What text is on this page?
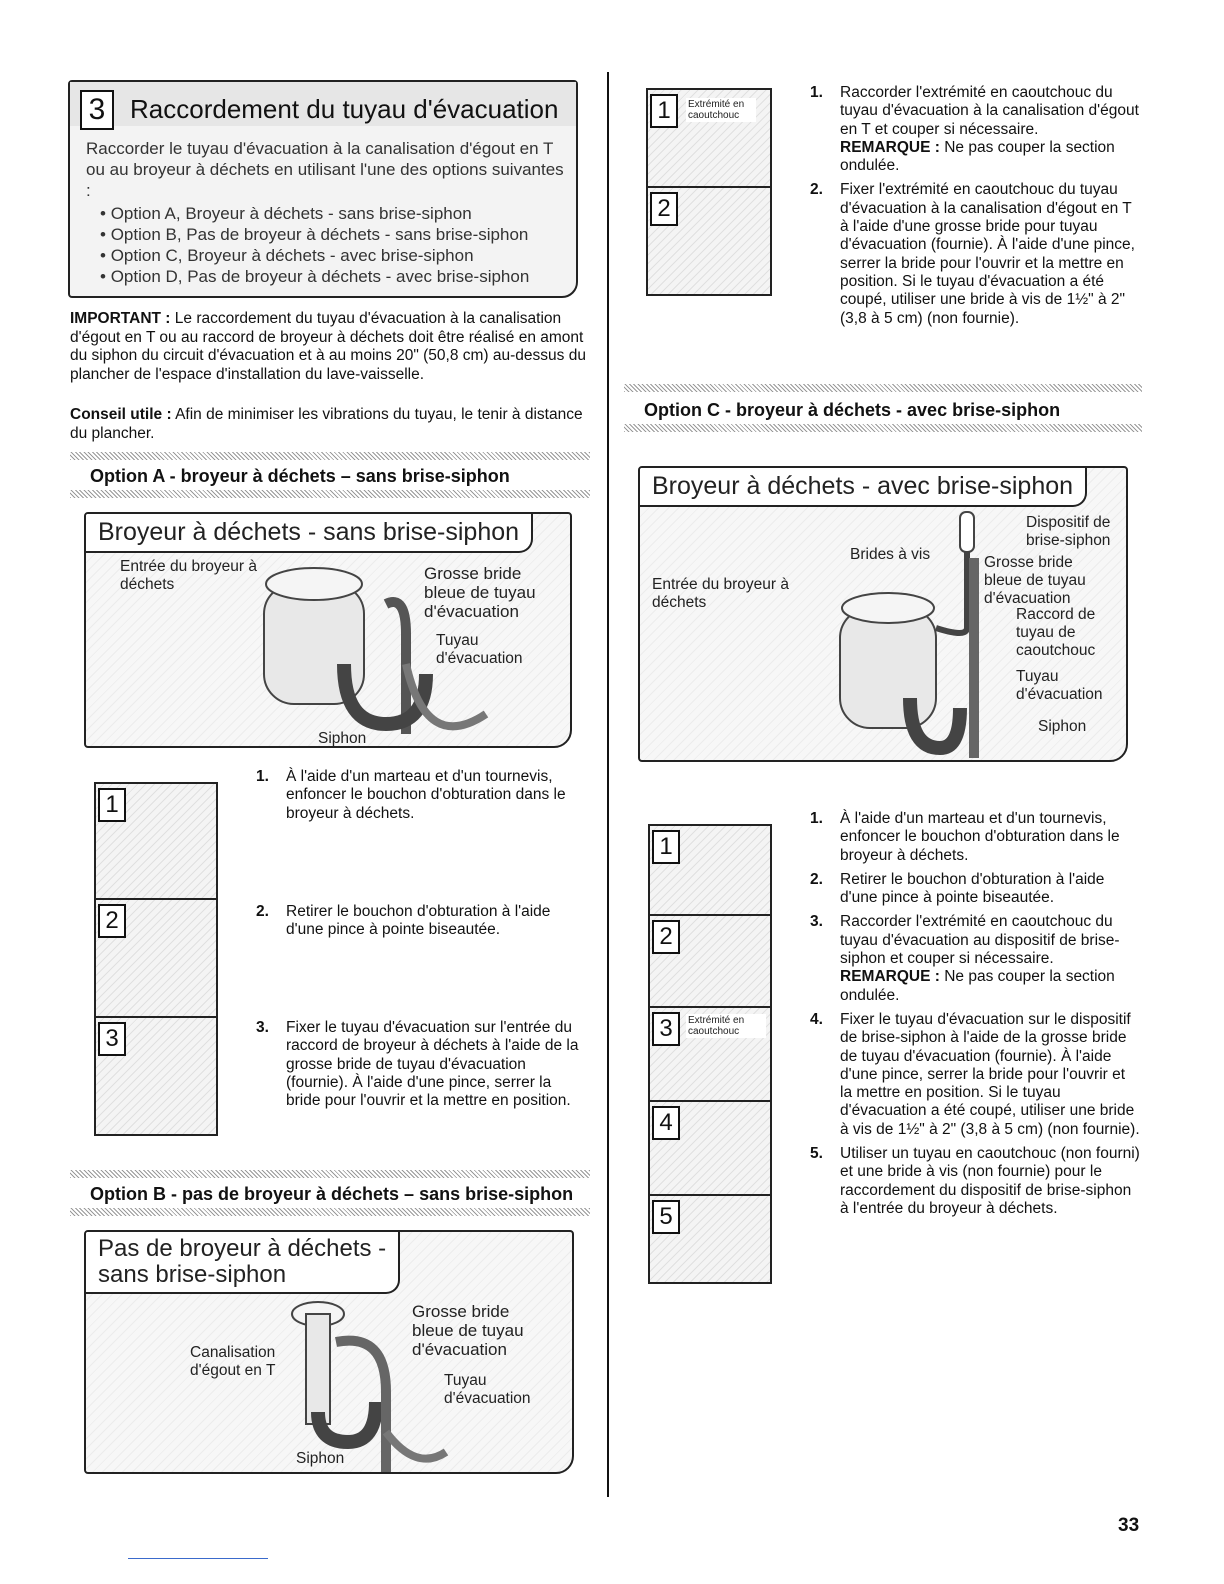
3 Raccordement du tuyau d'évacuation
Raccorder le tuyau d'évacuation à la canalisation d'égout en T ou au broyeur à déchets en utilisant l'une des options suivantes :
• Option A, Broyeur à déchets - sans brise-siphon
• Option B, Pas de broyeur à déchets - sans brise-siphon
• Option C, Broyeur à déchets - avec brise-siphon
• Option D, Pas de broyeur à déchets - avec brise-siphon
IMPORTANT : Le raccordement du tuyau d'évacuation à la canalisation d'égout en T ou au raccord de broyeur à déchets doit être réalisé en amont du siphon du circuit d'évacuation et à au moins 20" (50,8 cm) au-dessus du plancher de l'espace d'installation du lave-vaisselle.
Conseil utile : Afin de minimiser les vibrations du tuyau, le tenir à distance du plancher.
Option A - broyeur à déchets – sans brise-siphon
Broyeur à déchets - sans brise-siphon
Entrée du broyeur à déchets
Grosse bride bleue de tuyau d'évacuation
Tuyau d'évacuation
Siphon
1
2
3
1. À l'aide d'un marteau et d'un tournevis, enfoncer le bouchon d'obturation dans le broyeur à déchets.
2. Retirer le bouchon d'obturation à l'aide d'une pince à pointe biseautée.
3. Fixer le tuyau d'évacuation sur l'entrée du raccord de broyeur à déchets à l'aide de la grosse bride de tuyau d'évacuation (fournie). À l'aide d'une pince, serrer la bride pour l'ouvrir et la mettre en position.
Option B - pas de broyeur à déchets – sans brise-siphon
Pas de broyeur à déchets -
sans brise-siphon
Canalisation d'égout en T
Grosse bride bleue de tuyau d'évacuation
Tuyau d'évacuation
Siphon
1	Extrémité en caoutchouc
2
1. Raccorder l'extrémité en caoutchouc du tuyau d'évacuation à la canalisation d'égout en T et couper si nécessaire.
REMARQUE : Ne pas couper la section ondulée.
2. Fixer l'extrémité en caoutchouc du tuyau d'évacuation à la canalisation d'égout en T à l'aide d'une grosse bride pour tuyau d'évacuation (fournie). À l'aide d'une pince, serrer la bride pour l'ouvrir et la mettre en position. Si le tuyau d'évacuation a été coupé, utiliser une bride à vis de 1½" à 2" (3,8 à 5 cm) (non fournie).
Option C - broyeur à déchets - avec brise-siphon
Broyeur à déchets - avec brise-siphon
Dispositif de brise-siphon
Brides à vis	Grosse bride bleue de tuyau d'évacuation
Entrée du broyeur à déchets
Raccord de tuyau de caoutchouc
Tuyau d'évacuation
Siphon
1
2
3	Extrémité en caoutchouc
4
5
1. À l'aide d'un marteau et d'un tournevis, enfoncer le bouchon d'obturation dans le broyeur à déchets.
2. Retirer le bouchon d'obturation à l'aide d'une pince à pointe biseautée.
3. Raccorder l'extrémité en caoutchouc du tuyau d'évacuation au dispositif de brise-siphon et couper si nécessaire.
REMARQUE : Ne pas couper la section ondulée.
4. Fixer le tuyau d'évacuation sur le dispositif de brise-siphon à l'aide de la grosse bride de tuyau d'évacuation (fournie). À l'aide d'une pince, serrer la bride pour l'ouvrir et la mettre en position. Si le tuyau d'évacuation a été coupé, utiliser une bride à vis de 1½" à 2" (3,8 à 5 cm) (non fournie).
5. Utiliser un tuyau en caoutchouc (non fourni) et une bride à vis (non fournie) pour le raccordement du dispositif de brise-siphon à l'entrée du broyeur à déchets.
33
